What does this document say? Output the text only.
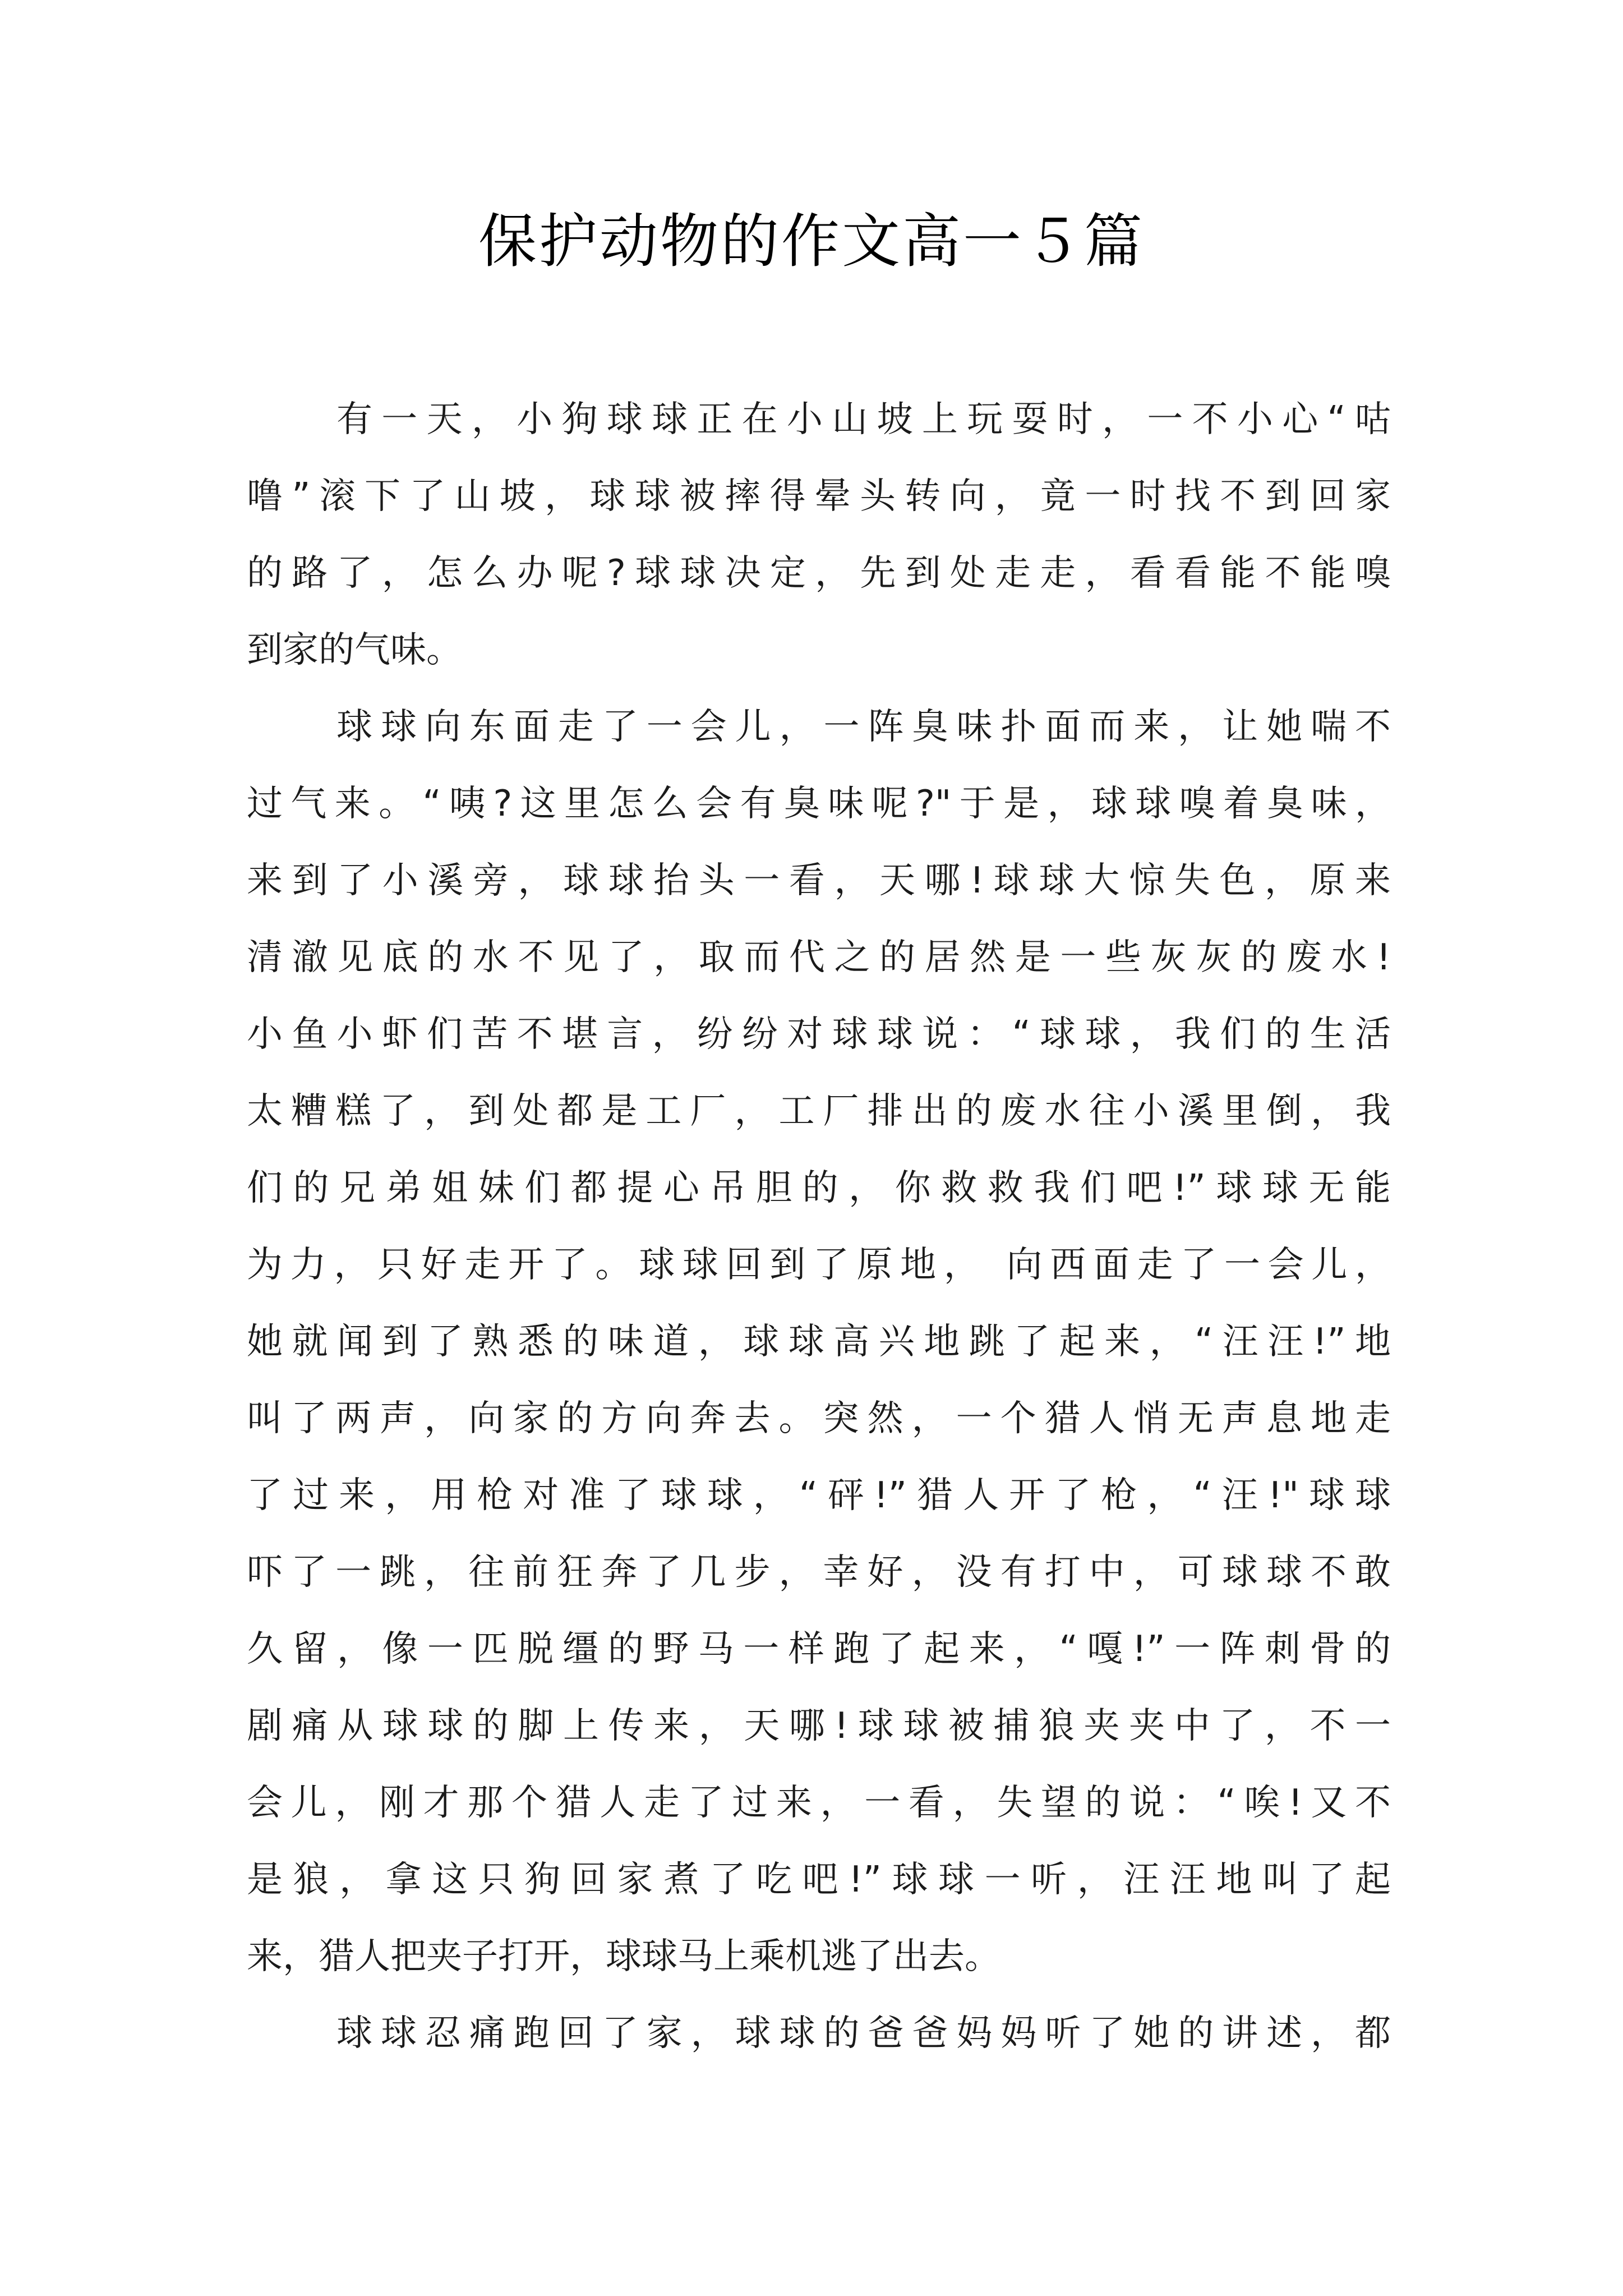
保护动物的作文高一５篇
有一天，小狗球球正在小山坡上玩耍时，一不小心“咕
噜”滚下了山坡，球球被摔得晕头转向，竟一时找不到回家
的路了，怎么办呢?球球决定，先到处走走，看看能不能嗅
到家的气味。
球球向东面走了一会儿，一阵臭味扑面而来，让她喘不
过气来。“咦?这里怎么会有臭味呢?"于是，球球嗅着臭味，
来到了小溪旁，球球抬头一看，天哪!球球大惊失色，原来
清澈见底的水不见了，取而代之的居然是一些灰灰的废水!
小鱼小虾们苦不堪言，纷纷对球球说：“球球，我们的生活
太糟糕了，到处都是工厂，工厂排出的废水往小溪里倒，我
们的兄弟姐妹们都提心吊胆的，你救救我们吧!”球球无能
为力，只好走开了。球球回到了原地， 向西面走了一会儿，
她就闻到了熟悉的味道，球球高兴地跳了起来，“汪汪!”地
叫了两声，向家的方向奔去。突然，一个猎人悄无声息地走
了过来，用枪对准了球球，“砰!”猎人开了枪，“汪!"球球
吓了一跳，往前狂奔了几步，幸好，没有打中，可球球不敢
久留，像一匹脱缰的野马一样跑了起来，“嘎!”一阵刺骨的
剧痛从球球的脚上传来，天哪!球球被捕狼夹夹中了，不一
会儿，刚才那个猎人走了过来，一看，失望的说：“唉!又不
是狼，拿这只狗回家煮了吃吧!”球球一听，汪汪地叫了起
来，猎人把夹子打开，球球马上乘机逃了出去。
球球忍痛跑回了家，球球的爸爸妈妈听了她的讲述，都
